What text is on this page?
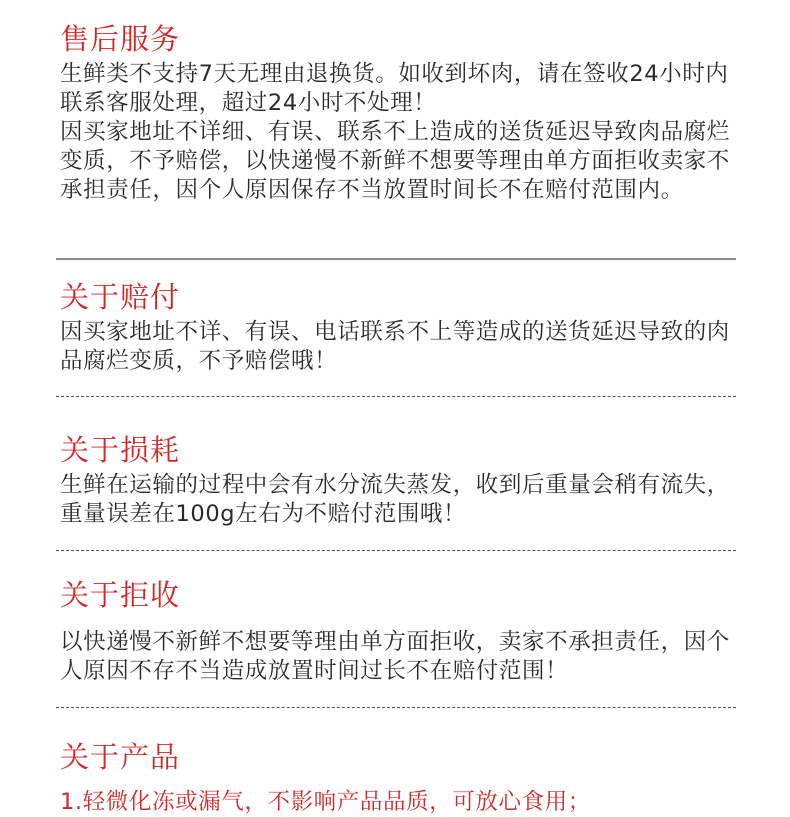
售后服务

生鲜类不支持7天无理由退换货。如收到坏肉，请在签收24小时内联系客服处理，超过24小时不处理！

因买家地址不详细、有误、联系不上造成的送货延迟导致肉品腐烂变质，不予赔偿，以快递慢不新鲜不想要等理由单方面拒收卖家不承担责任，因个人原因保存不当放置时间长不在赔付范围内。

关于赔付

因买家地址不详、有误、电话联系不上等造成的送货延迟导致的肉品腐烂变质，不予赔偿哦！

关于损耗

生鲜在运输的过程中会有水分流失蒸发，收到后重量会稍有流失，重量误差在100g左右为不赔付范围哦！

关于拒收

以快递慢不新鲜不想要等理由单方面拒收，卖家不承担责任，因个人原因不存不当造成放置时间过长不在赔付范围！

关于产品
1.轻微化冻或漏气，不影响产品品质，可放心食用；
